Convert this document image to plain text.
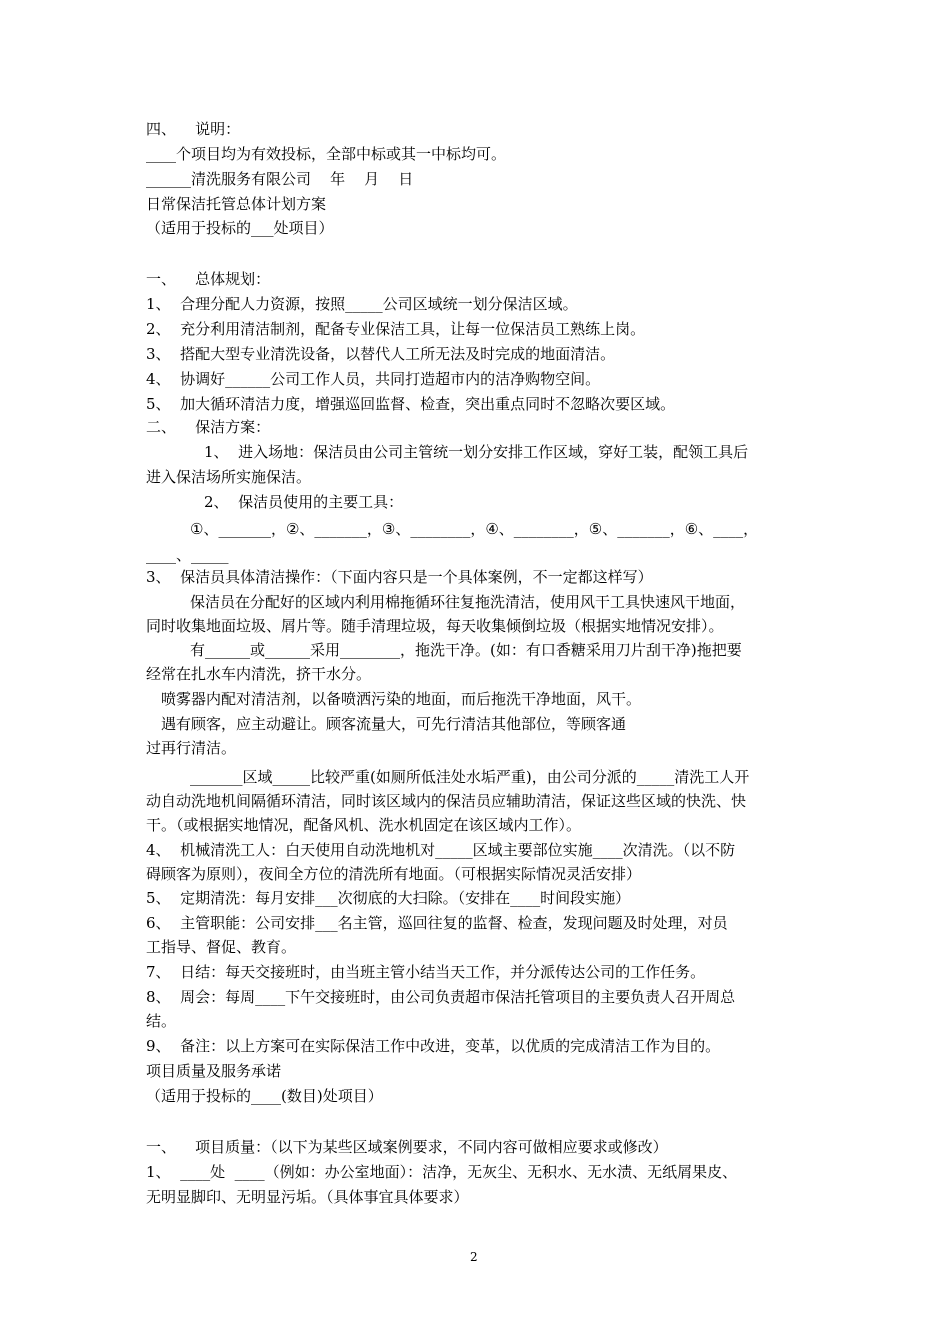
四、    说明：
____个项目均为有效投标，全部中标或其一中标均可。
______清洗服务有限公司    年    月    日
日常保洁托管总体计划方案
（适用于投标的___处项目）
一、    总体规划：
1、  合理分配人力资源，按照_____公司区域统一划分保洁区域。
2、  充分利用清洁制剂，配备专业保洁工具，让每一位保洁员工熟练上岗。
3、  搭配大型专业清洗设备，以替代人工所无法及时完成的地面清洁。
4、  协调好______公司工作人员，共同打造超市内的洁净购物空间。
5、  加大循环清洁力度，增强巡回监督、检查，突出重点同时不忽略次要区域。
二、    保洁方案：
1、  进入场地：保洁员由公司主管统一划分安排工作区域，穿好工装，配领工具后
进入保洁场所实施保洁。
2、  保洁员使用的主要工具：
①、_______，②、_______，③、________，④、________，⑤、_______，⑥、____，
____、_____
3、  保洁员具体清洁操作：（下面内容只是一个具体案例，不一定都这样写）
保洁员在分配好的区域内利用棉拖循环往复拖洗清洁，使用风干工具快速风干地面，
同时收集地面垃圾、屑片等。随手清理垃圾，每天收集倾倒垃圾（根据实地情况安排）。
有______或______采用________，拖洗干净。(如：有口香糖采用刀片刮干净)拖把要
经常在扎水车内清洗，挤干水分。
喷雾器内配对清洁剂，以备喷洒污染的地面，而后拖洗干净地面，风干。
遇有顾客，应主动避让。顾客流量大，可先行清洁其他部位，等顾客通
过再行清洁。
_______区域_____比较严重(如厕所低洼处水垢严重)，由公司分派的_____清洗工人开
动自动洗地机间隔循环清洁，同时该区域内的保洁员应辅助清洁，保证这些区域的快洗、快
干。（或根据实地情况，配备风机、洗水机固定在该区域内工作）。
4、  机械清洗工人：白天使用自动洗地机对_____区域主要部位实施____次清洗。（以不防
碍顾客为原则），夜间全方位的清洗所有地面。（可根据实际情况灵活安排）
5、  定期清洗：每月安排___次彻底的大扫除。（安排在____时间段实施）
6、  主管职能：公司安排___名主管，巡回往复的监督、检查，发现问题及时处理，对员
工指导、督促、教育。
7、  日结：每天交接班时，由当班主管小结当天工作，并分派传达公司的工作任务。
8、  周会：每周____下午交接班时，由公司负责超市保洁托管项目的主要负责人召开周总
结。
9、  备注：以上方案可在实际保洁工作中改进，变革，以优质的完成清洁工作为目的。
项目质量及服务承诺
（适用于投标的____(数目)处项目）
一、    项目质量：（以下为某些区域案例要求，不同内容可做相应要求或修改）
1、  ____处  ____（例如：办公室地面）：洁净，无灰尘、无积水、无水渍、无纸屑果皮、
无明显脚印、无明显污垢。（具体事宜具体要求）
2
